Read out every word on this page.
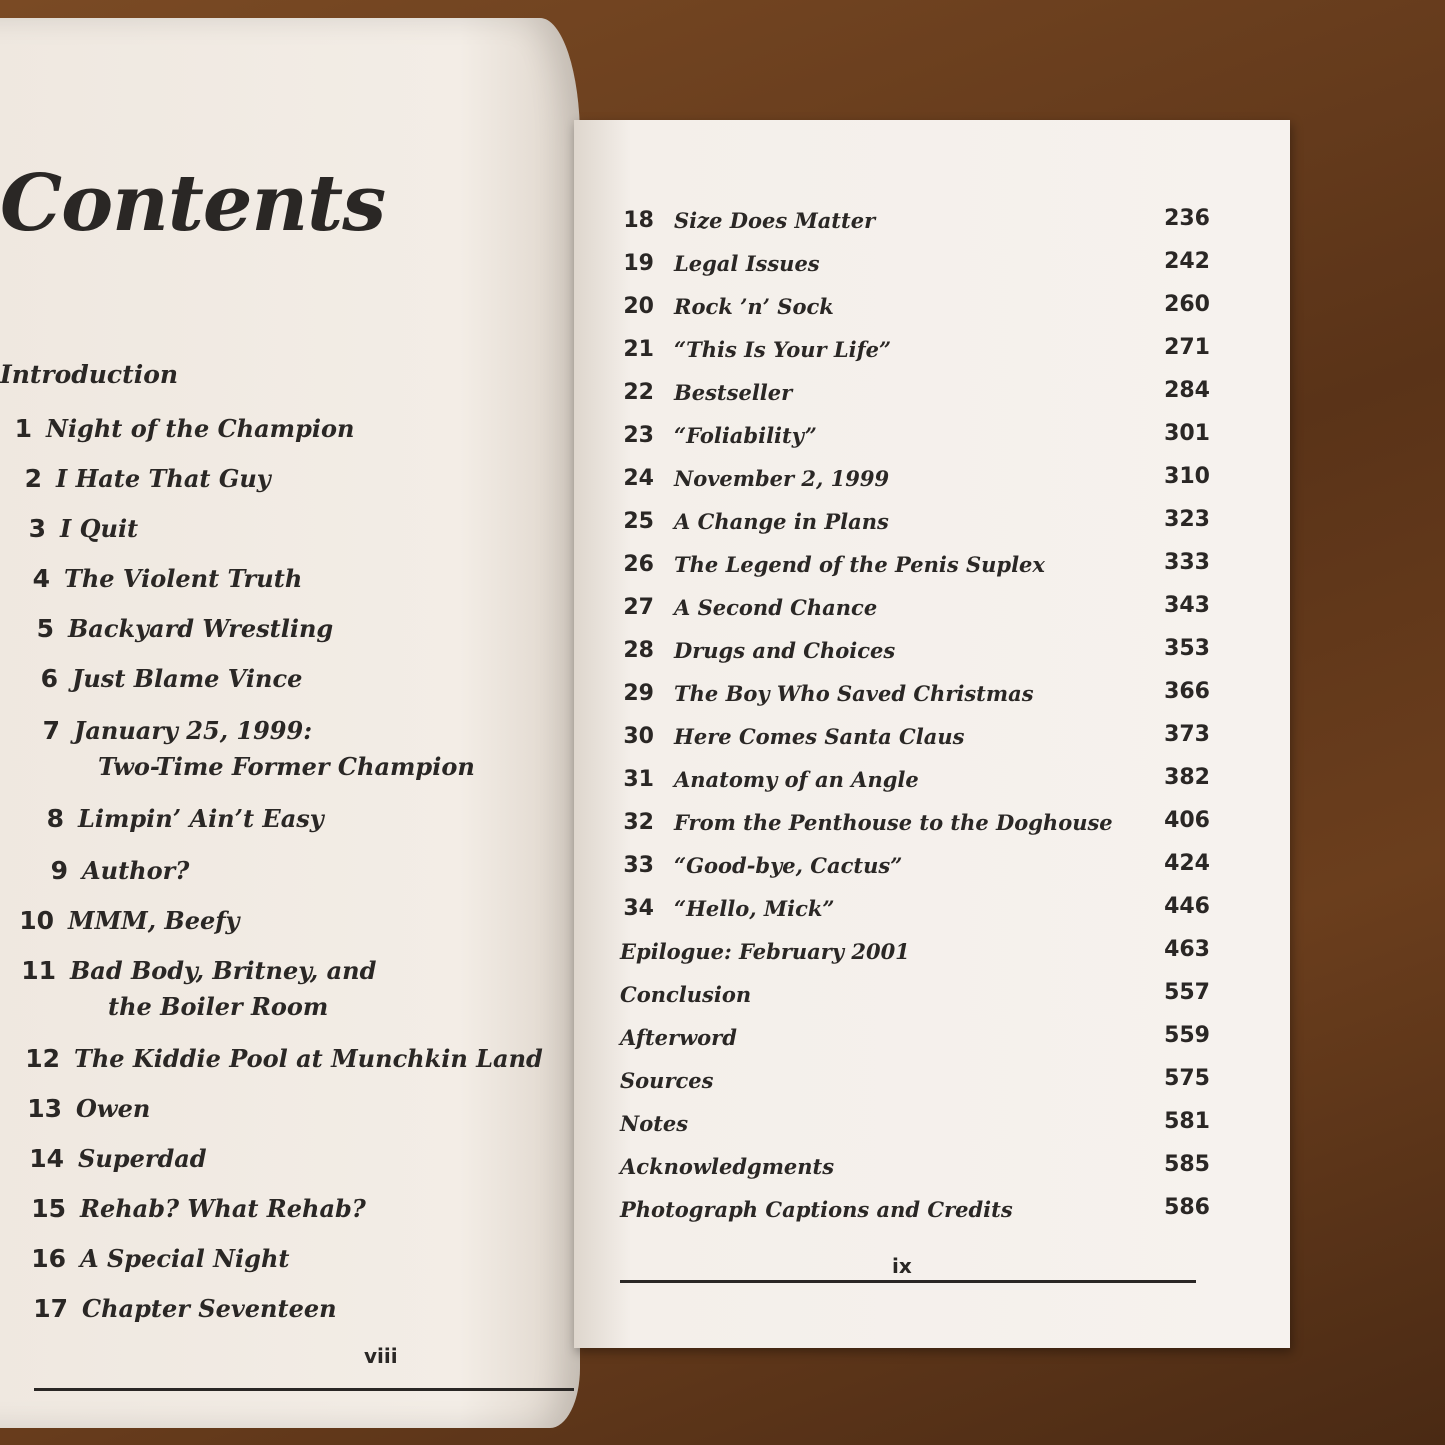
Contents
Introduction
1 Night of the Champion
2 I Hate That Guy
3 I Quit
4 The Violent Truth
5 Backyard Wrestling
6 Just Blame Vince
7 January 25, 1999:
Two-Time Former Champion
8 Limpin’ Ain’t Easy
9 Author?
10 MMM, Beefy
11 Bad Body, Britney, and
the Boiler Room
12 The Kiddie Pool at Munchkin Land
13 Owen
14 Superdad
15 Rehab? What Rehab?
16 A Special Night
17 Chapter Seventeen
viii
18 Size Does Matter	236
19 Legal Issues	242
20 Rock ’n’ Sock	260
21 “This Is Your Life”	271
22 Bestseller	284
23 “Foliability”	301
24 November 2, 1999	310
25 A Change in Plans	323
26 The Legend of the Penis Suplex	333
27 A Second Chance	343
28 Drugs and Choices	353
29 The Boy Who Saved Christmas	366
30 Here Comes Santa Claus	373
31 Anatomy of an Angle	382
32 From the Penthouse to the Doghouse 406
33 “Good-bye, Cactus”	424
34 “Hello, Mick”	446
Epilogue: February 2001	463
Conclusion	557
Afterword	559
Sources	575
Notes	581
Acknowledgments	585
Photograph Captions and Credits	586
ix
